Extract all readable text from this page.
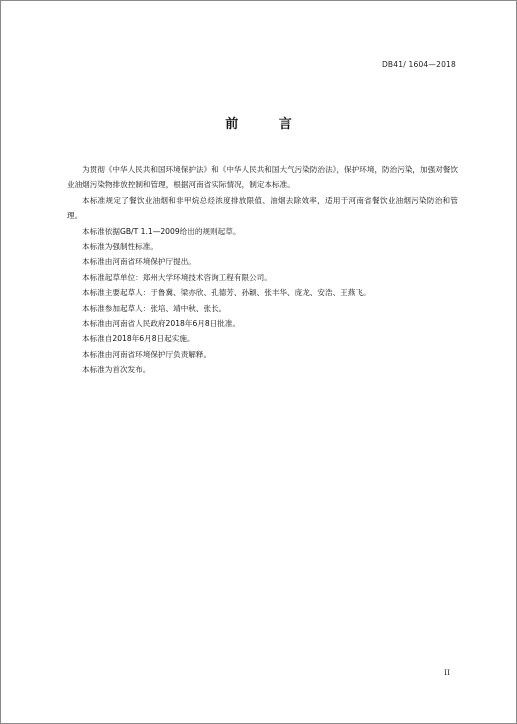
DB41/ 1604—2018
前 言

为贯彻《中华人民共和国环境保护法》和《中华人民共和国大气污染防治法》，保护环境，防治污染，加强对餐饮业油烟污染物排放控制和管理，根据河南省实际情况，制定本标准。

本标准规定了餐饮业油烟和非甲烷总烃浓度排放限值、油烟去除效率，适用于河南省餐饮业油烟污染防治和管理。

本标准依据GB/T 1.1—2009给出的规则起草。

本标准为强制性标准。

本标准由河南省环境保护厅提出。

本标准起草单位：郑州大学环境技术咨询工程有限公司。

本标准主要起草人：于鲁冀、梁亦欣、孔德芳、孙颖、张丰华、庞龙、安浩、王燕飞。

本标准参加起草人：张培、靖中秋、张长。

本标准由河南省人民政府2018年6月8日批准。

本标准自2018年6月8日起实施。

本标准由河南省环境保护厅负责解释。

本标准为首次发布。

II
